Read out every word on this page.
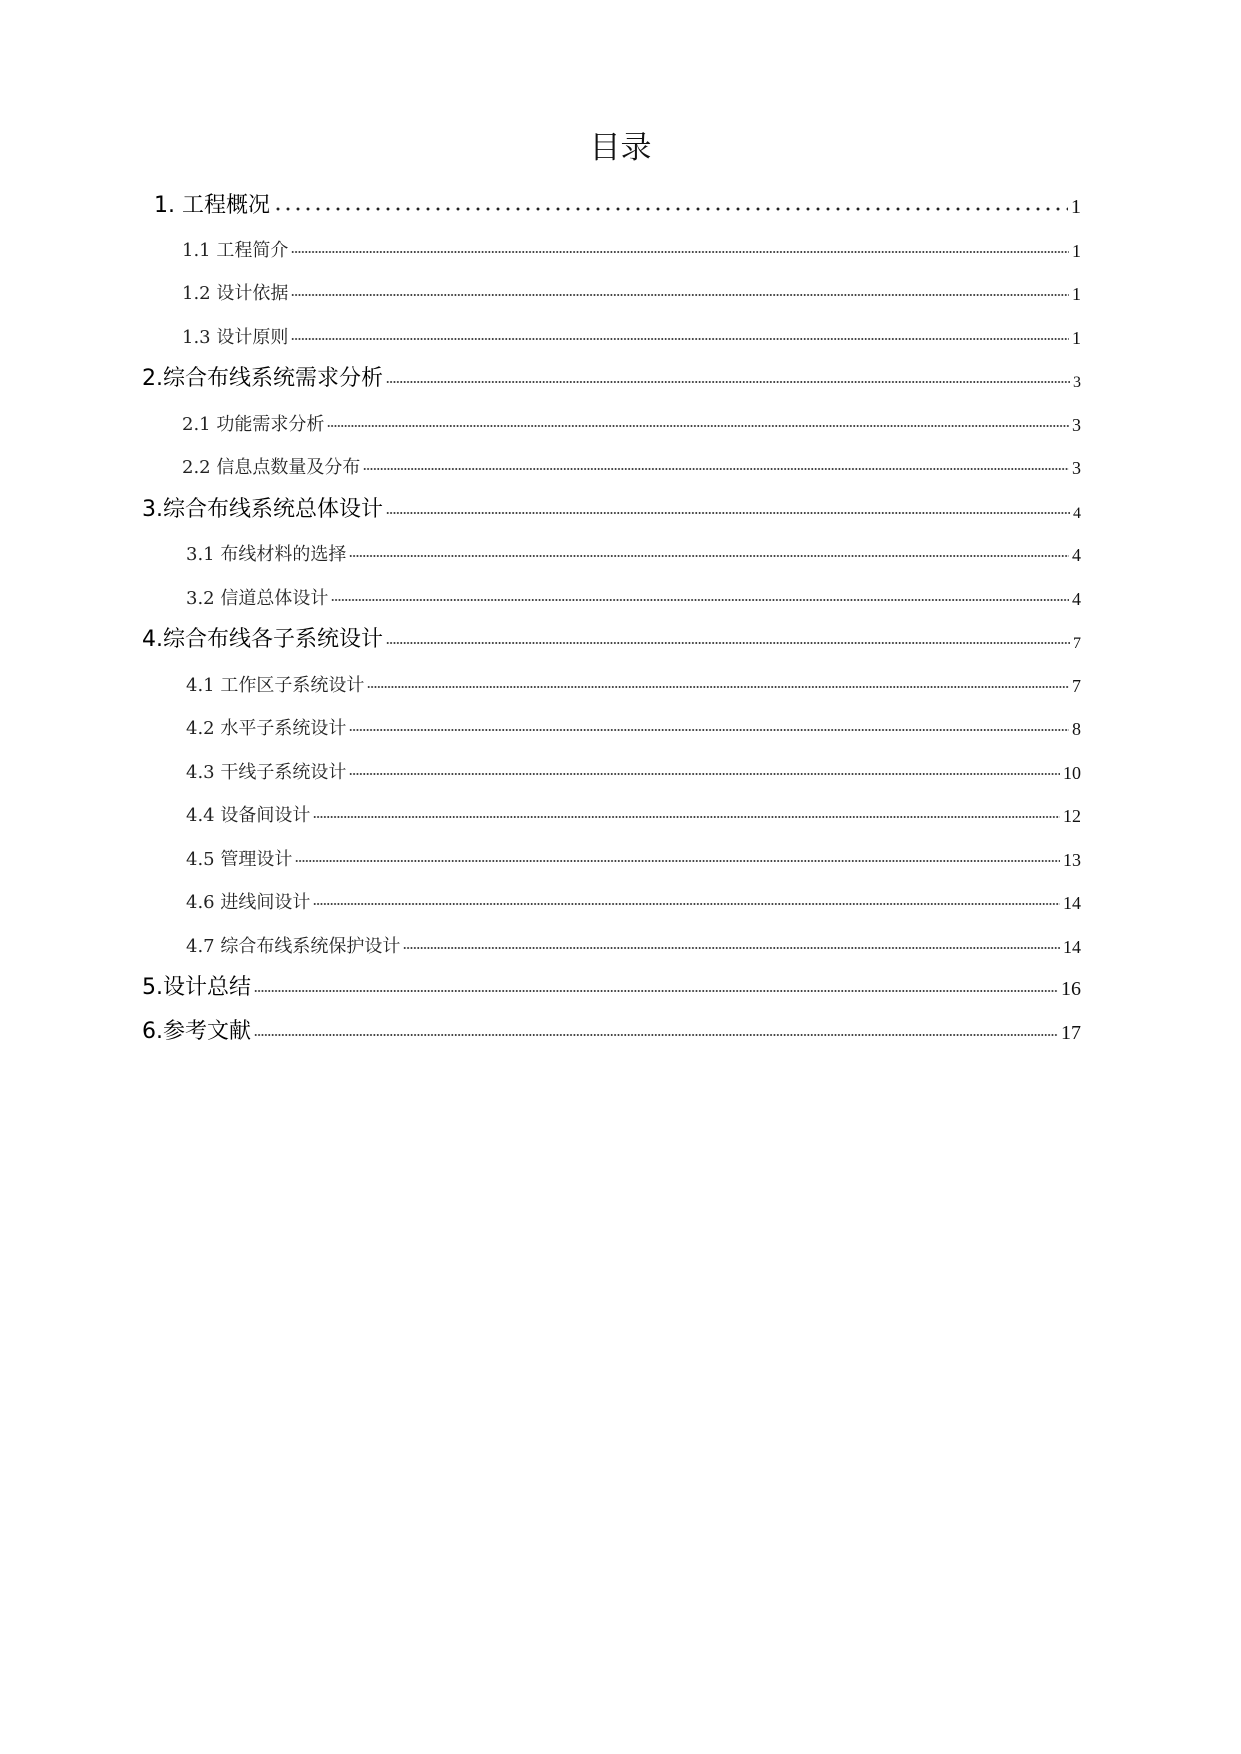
目录
1. 工程概况	1
1.1 工程简介	1
1.2 设计依据	1
1.3 设计原则	1
2.综合布线系统需求分析	3
2.1 功能需求分析	3
2.2 信息点数量及分布	3
3.综合布线系统总体设计	4
3.1 布线材料的选择	4
3.2 信道总体设计	4
4.综合布线各子系统设计	7
4.1 工作区子系统设计	7
4.2 水平子系统设计	8
4.3 干线子系统设计	10
4.4 设备间设计	12
4.5 管理设计	13
4.6 进线间设计	14
4.7 综合布线系统保护设计	14
5.设计总结	16
6.参考文献	17
